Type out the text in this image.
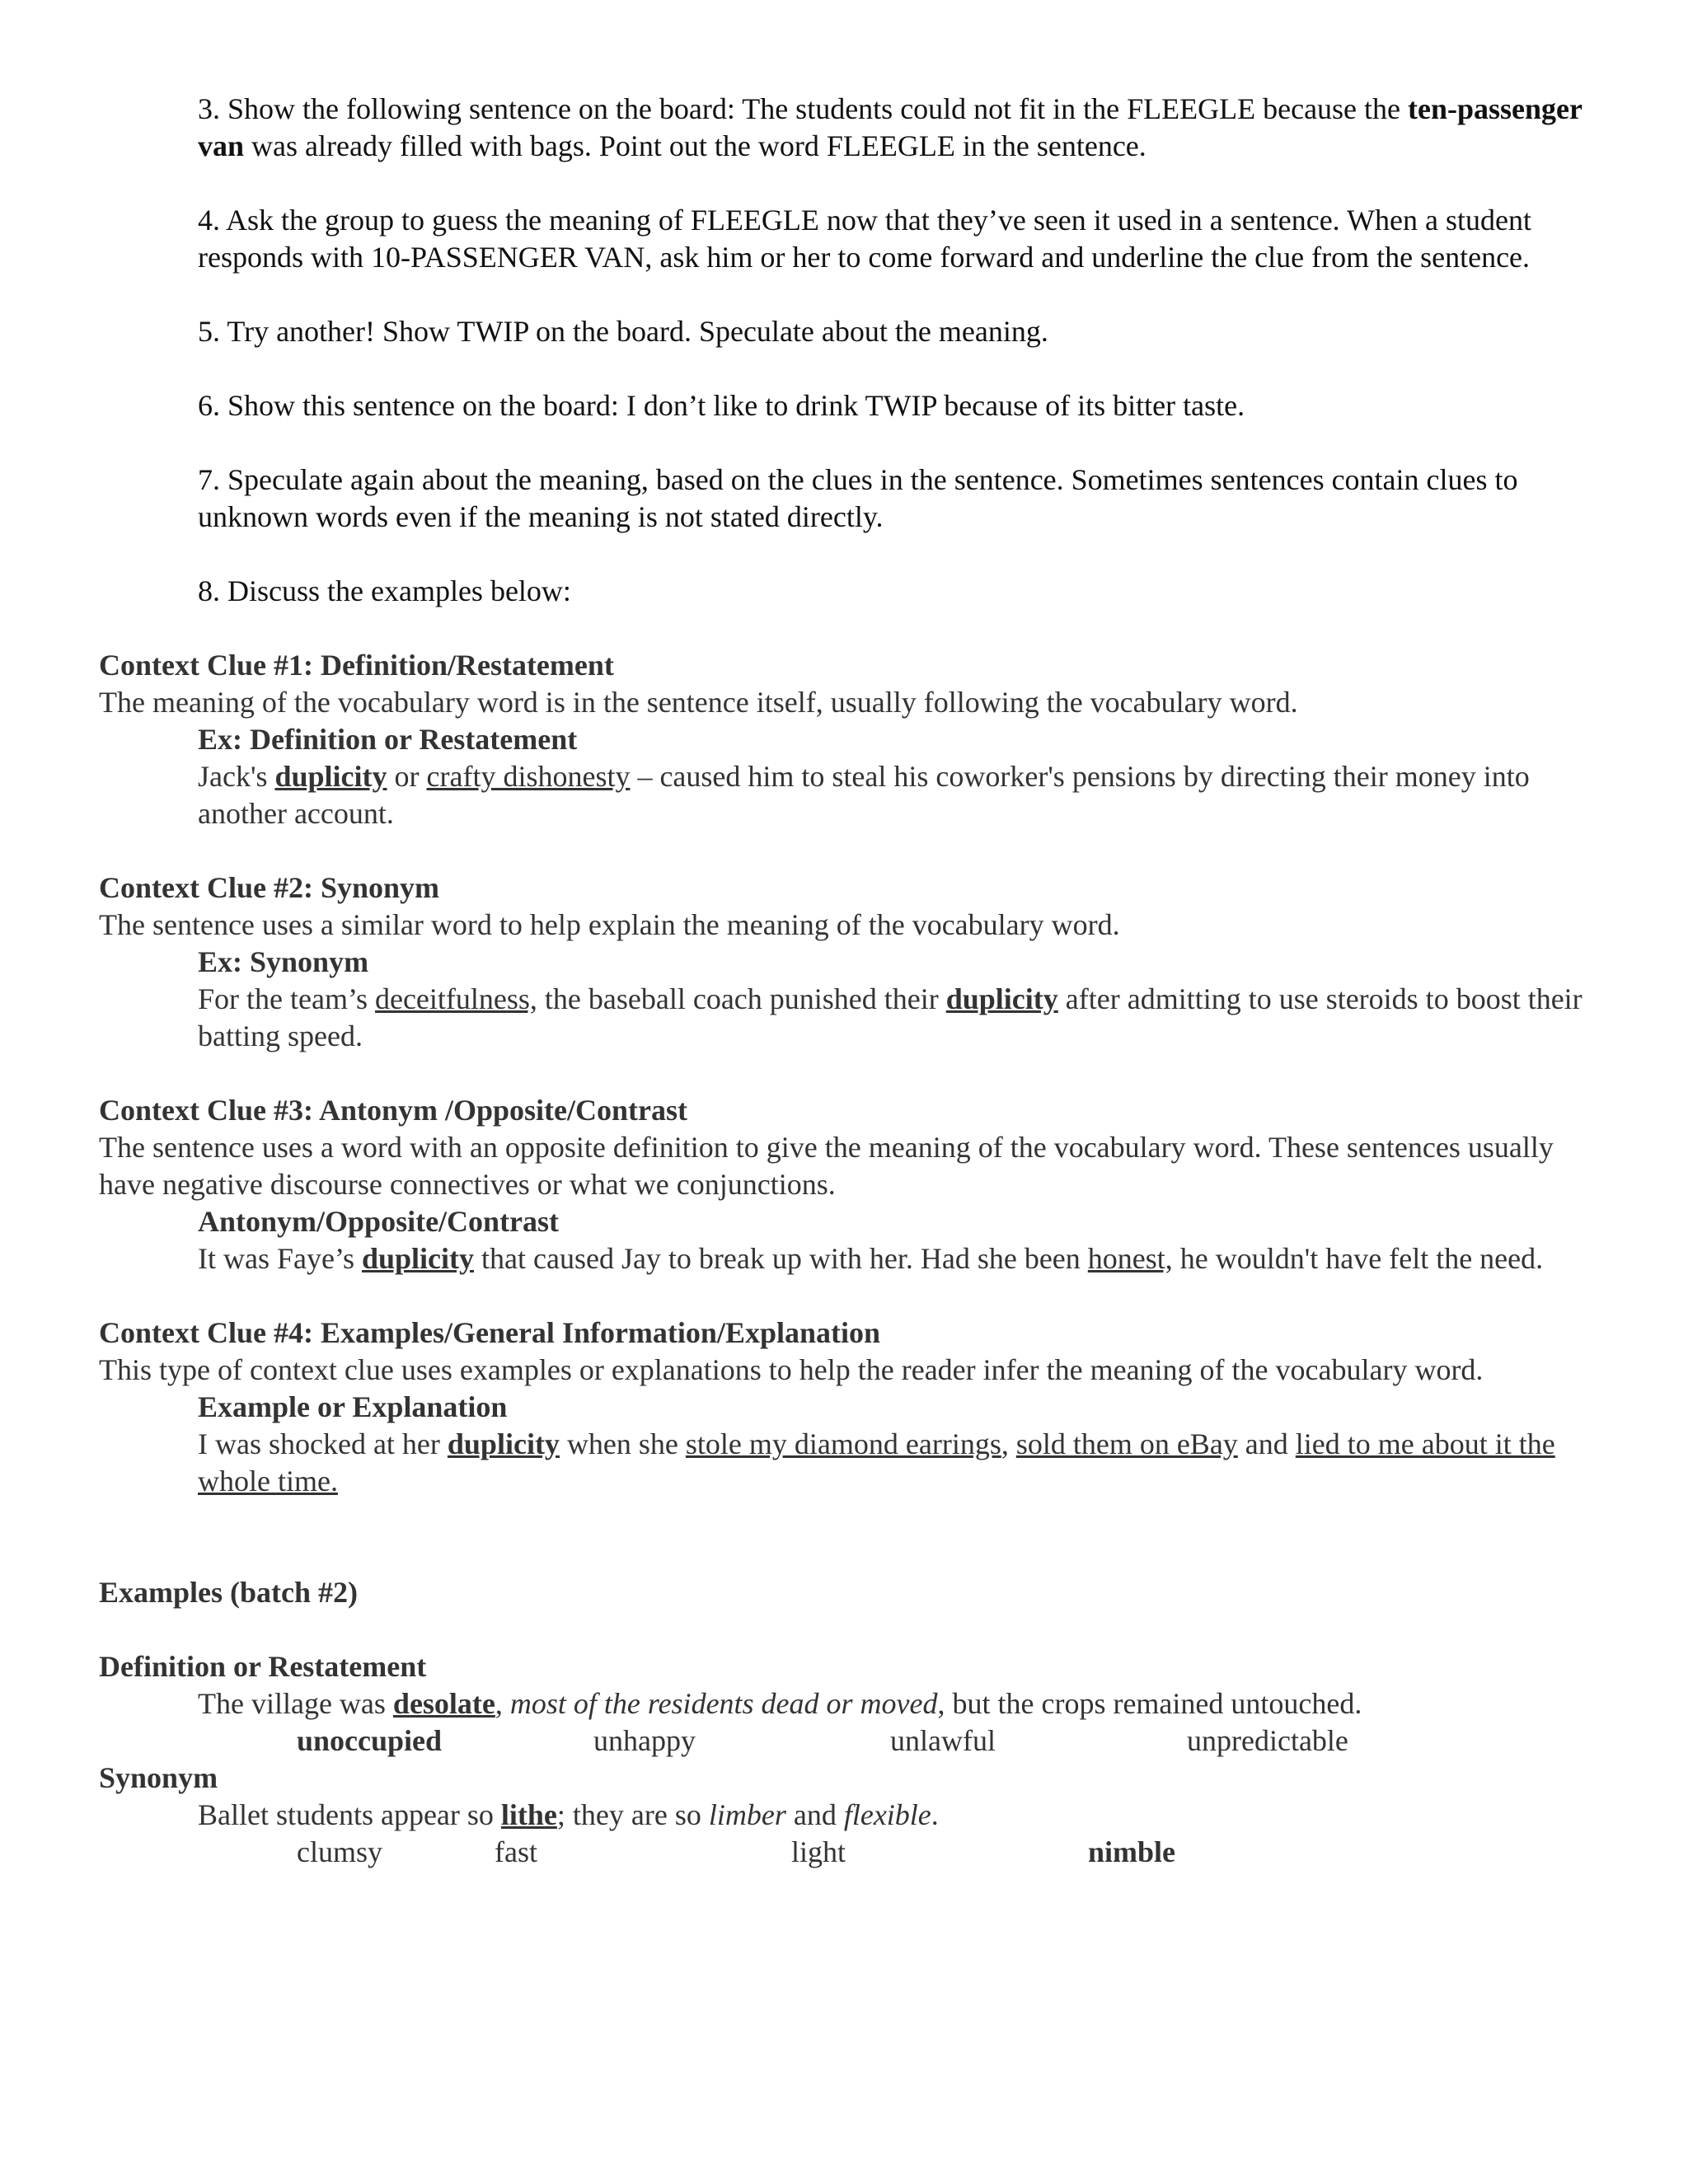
3. Show the following sentence on the board: The students could not fit in the FLEEGLE because the ten-passenger van was already filled with bags. Point out the word FLEEGLE in the sentence.

4. Ask the group to guess the meaning of FLEEGLE now that they’ve seen it used in a sentence. When a student responds with 10-PASSENGER VAN, ask him or her to come forward and underline the clue from the sentence.

5. Try another! Show TWIP on the board. Speculate about the meaning.

6. Show this sentence on the board: I don’t like to drink TWIP because of its bitter taste.

7. Speculate again about the meaning, based on the clues in the sentence. Sometimes sentences contain clues to unknown words even if the meaning is not stated directly.

8. Discuss the examples below:

Context Clue #1: Definition/Restatement

The meaning of the vocabulary word is in the sentence itself, usually following the vocabulary word.

Ex: Definition or Restatement

Jack's duplicity or crafty dishonesty – caused him to steal his coworker's pensions by directing their money into another account.

Context Clue #2: Synonym

The sentence uses a similar word to help explain the meaning of the vocabulary word.

Ex: Synonym

For the team’s deceitfulness, the baseball coach punished their duplicity after admitting to use steroids to boost their batting speed.

Context Clue #3: Antonym /Opposite/Contrast

The sentence uses a word with an opposite definition to give the meaning of the vocabulary word. These sentences usually have negative discourse connectives or what we conjunctions.

Antonym/Opposite/Contrast

It was Faye’s duplicity that caused Jay to break up with her. Had she been honest, he wouldn't have felt the need.

Context Clue #4: Examples/General Information/Explanation

This type of context clue uses examples or explanations to help the reader infer the meaning of the vocabulary word.

Example or Explanation

I was shocked at her duplicity when she stole my diamond earrings, sold them on eBay and lied to me about it the whole time.

Examples (batch #2)

Definition or Restatement

The village was desolate, most of the residents dead or moved, but the crops remained untouched.

unoccupied	unhappy	unlawful	unpredictable

Synonym

Ballet students appear so lithe; they are so limber and flexible.

clumsy	fast	light	nimble
